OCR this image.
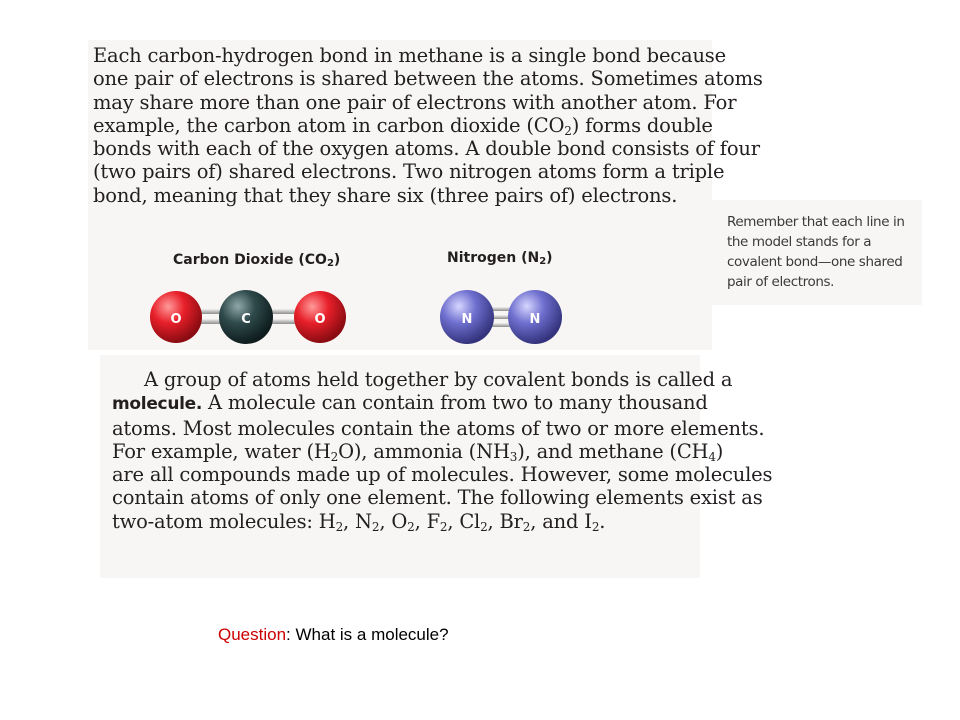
Each carbon-hydrogen bond in methane is a single bond because
one pair of electrons is shared between the atoms. Sometimes atoms
may share more than one pair of electrons with another atom. For
example, the carbon atom in carbon dioxide $(CO_2)$ forms double
bonds with each of the oxygen atoms. A double bond consists of four
(two pairs of) shared electrons. Two nitrogen atoms form a triple
bond, meaning that they share six (three pairs of) electrons.

Carbon Dioxide $(CO_2)$	Nitrogen $(N_2)$
O	C	O	N	N

Remember that each line in
the model stands for a
covalent bond—one shared
pair of electrons.

A group of atoms held together by covalent bonds is called a
molecule. A molecule can contain from two to many thousand
atoms. Most molecules contain the atoms of two or more elements.
For example, water $(H_2O)$, ammonia $(NH_3)$, and methane $(CH_4)$
are all compounds made up of molecules. However, some molecules
contain atoms of only one element. The following elements exist as
two-atom molecules: $H_2$, $N_2$, $O_2$, $F_2$, $Cl_2$, $Br_2$, and $I_2$.

Question: What is a molecule?
